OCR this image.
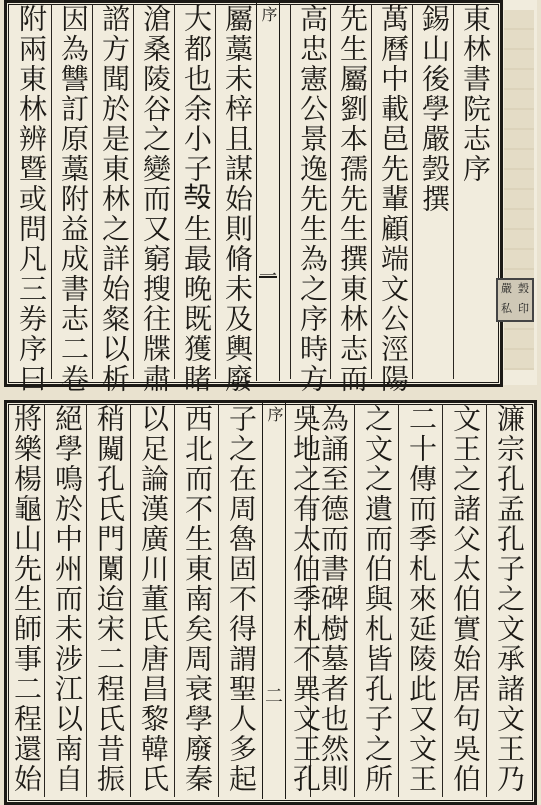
東林書院志序
錫山後學嚴瑴撰
萬曆中載邑先輩顧端文公涇陽
先生屬劉本孺先生撰東林志而
高忠憲公景逸先生為之序時方
序
一
屬藁未梓且謀始則脩未及輿廢
大都也余小子𣪊生最晚既獲睹
滄桑陵谷之變而又窮搜往牒肅
諮方聞於是東林之詳始粲以析
因為讐訂原藁附益成書志二卷
附兩東林辨暨或問凡三券序曰	嚴 瑴
私 印
濂宗孔孟孔子之文承諸文王乃
文王之諸父太伯實始居句吳伯
二十傳而季札來延陵此又文王
之文之遺而伯與札皆孔子之所
為誦至德而書碑樹墓者也然則
吳地之有太伯季札不異文王孔
序
二
子之在周魯固不得謂聖人多起
西北而不生東南矣周衰學廢秦
以足論漢廣川董氏唐昌黎韓氏
稍闚孔氏門闑迨宋二程氏昔振
絕學鳴於中州而未涉江以南自
將樂楊龜山先生師事二程還始
